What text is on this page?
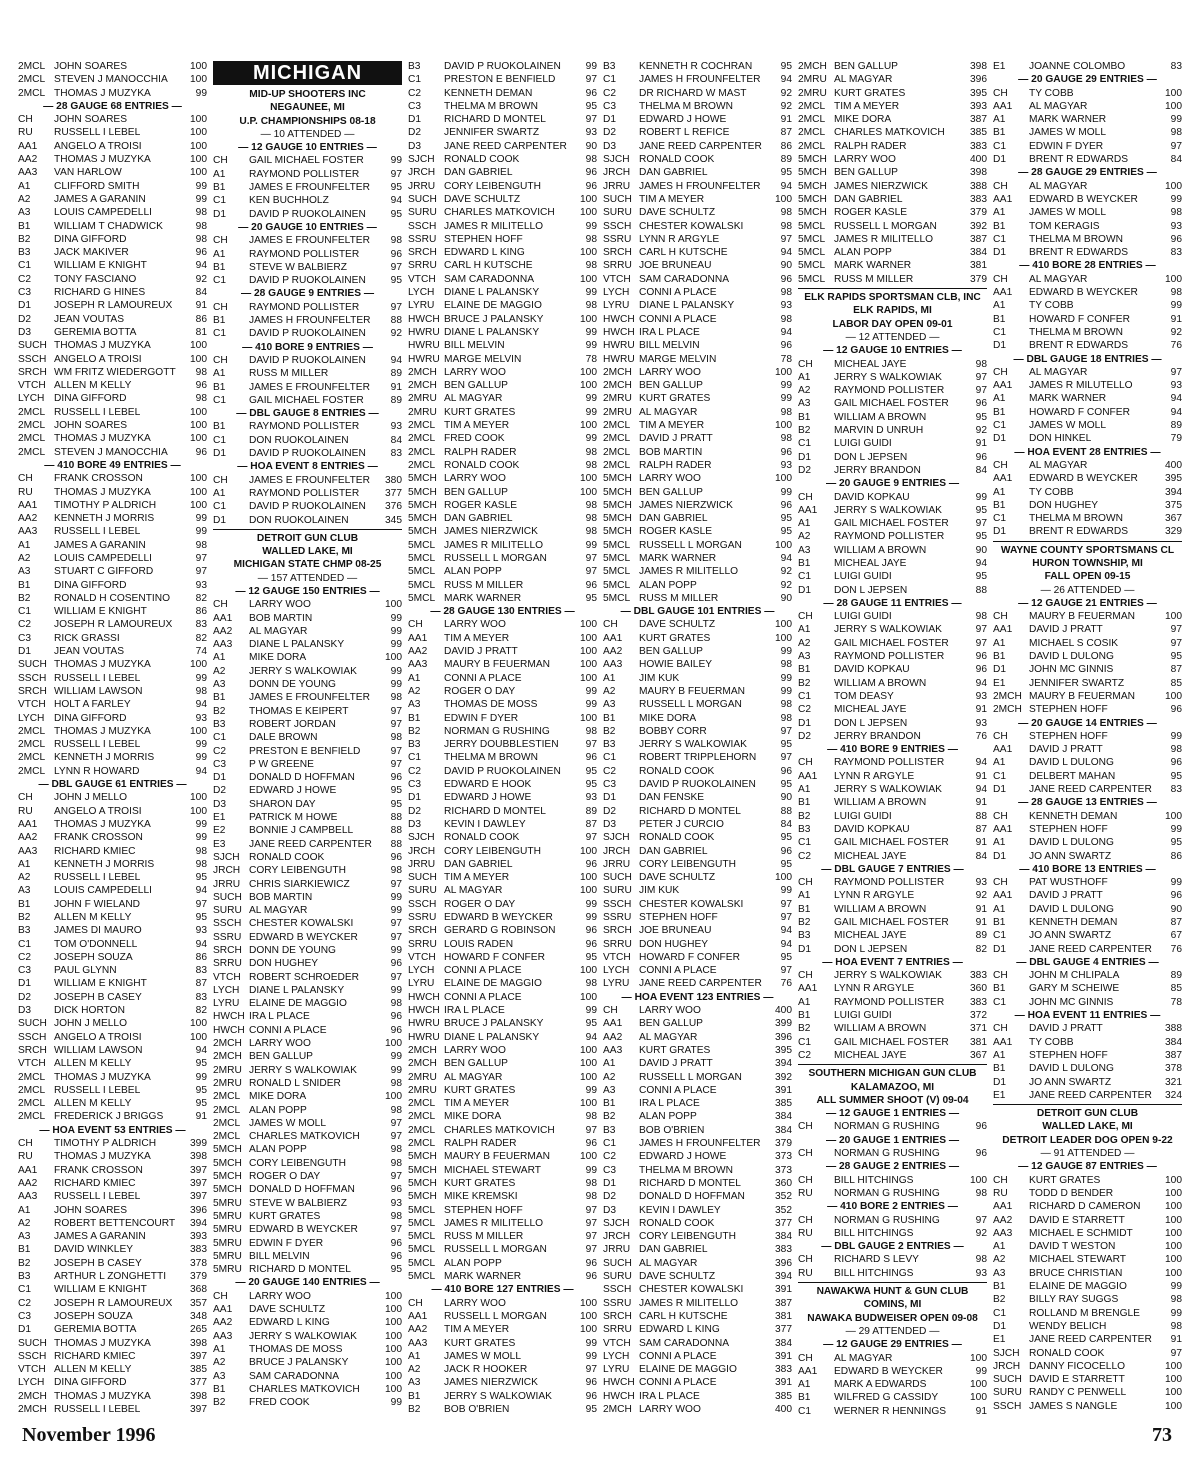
2MCL JOHN SOARES	100
2MCL STEVEN J MANOCCHIA	100
2MCL THOMAS J MUZYKA	99
— 28 GAUGE 68 ENTRIES —
CH	JOHN SOARES	100
RU	RUSSELL I LEBEL	100
AA1	ANGELO A TROISI	100
AA2	THOMAS J MUZYKA	100
AA3	VAN HARLOW	100
A1	CLIFFORD SMITH	99
A2	JAMES A GARANIN	99
A3	LOUIS CAMPEDELLI	98
B1	WILLIAM T CHADWICK	98
B2	DINA GIFFORD	98
B3	JACK MAKIVER	96
C1	WILLIAM E KNIGHT	94
C2	TONY FASCIANO	92
C3	RICHARD G HINES	84
D1	JOSEPH R LAMOUREUX	91
D2	JEAN VOUTAS	86
D3	GEREMIA BOTTA	81
SUCH THOMAS J MUZYKA	100
SSCH ANGELO A TROISI	100
SRCH WM FRITZ WIEDERGOTT	98
VTCH ALLEN M KELLY	96
LYCH DINA GIFFORD	98
2MCL RUSSELL I LEBEL	100
2MCL JOHN SOARES	100
2MCL THOMAS J MUZYKA	100
2MCL STEVEN J MANOCCHIA	96
— 410 BORE 49 ENTRIES —
CH	FRANK CROSSON	100
RU	THOMAS J MUZYKA	100
AA1	TIMOTHY P ALDRICH	100
AA2	KENNETH J MORRIS	99
AA3	RUSSELL I LEBEL	99
A1	JAMES A GARANIN	98
A2	LOUIS CAMPEDELLI	97
A3	STUART C GIFFORD	97
B1	DINA GIFFORD	93
B2	RONALD H COSENTINO	82
C1	WILLIAM E KNIGHT	86
C2	JOSEPH R LAMOUREUX	83
C3	RICK GRASSI	82
D1	JEAN VOUTAS	74
SUCH THOMAS J MUZYKA	100
SSCH RUSSELL I LEBEL	99
SRCH WILLIAM LAWSON	98
VTCH HOLT A FARLEY	94
LYCH DINA GIFFORD	93
2MCL THOMAS J MUZYKA	100
2MCL RUSSELL I LEBEL	99
2MCL KENNETH J MORRIS	99
2MCL LYNN R HOWARD	94
— DBL GAUGE 61 ENTRIES —
CH	JOHN J MELLO	100
RU	ANGELO A TROISI	100
AA1	THOMAS J MUZYKA	99
AA2	FRANK CROSSON	99
AA3	RICHARD KMIEC	98
A1	KENNETH J MORRIS	98
A2	RUSSELL I LEBEL	95
A3	LOUIS CAMPEDELLI	94
B1	JOHN F WIELAND	97
B2	ALLEN M KELLY	95
B3	JAMES DI MAURO	93
C1	TOM O'DONNELL	94
C2	JOSEPH SOUZA	86
C3	PAUL GLYNN	83
D1	WILLIAM E KNIGHT	87
D2	JOSEPH B CASEY	83
D3	DICK HORTON	82
SUCH JOHN J MELLO	100
SSCH ANGELO A TROISI	100
SRCH WILLIAM LAWSON	94
VTCH ALLEN M KELLY	95
2MCL THOMAS J MUZYKA	99
2MCL RUSSELL I LEBEL	95
2MCL ALLEN M KELLY	95
2MCL FREDERICK J BRIGGS	91
— HOA EVENT 53 ENTRIES —
CH	TIMOTHY P ALDRICH	399
RU	THOMAS J MUZYKA	398
AA1	FRANK CROSSON	397
AA2	RICHARD KMIEC	397
AA3	RUSSELL I LEBEL	397
A1	JOHN SOARES	396
A2	ROBERT BETTENCOURT	394
A3	JAMES A GARANIN	393
B1	DAVID WINKLEY	383
B2	JOSEPH B CASEY	378
B3	ARTHUR L ZONGHETTI	379
C1	WILLIAM E KNIGHT	368
C2	JOSEPH R LAMOUREUX	357
C3	JOSEPH SOUZA	348
D1	GEREMIA BOTTA	265
SUCH THOMAS J MUZYKA	398
SSCH RICHARD KMIEC	397
VTCH ALLEN M KELLY	385
LYCH DINA GIFFORD	377
2MCH THOMAS J MUZYKA	398
2MCH RUSSELL I LEBEL	397
MICHIGAN
MID-UP SHOOTERS INC
NEGAUNEE, MI
U.P. CHAMPIONSHIPS 08-18
— 10 ATTENDED —
— 12 GAUGE 10 ENTRIES —
CH	GAIL MICHAEL FOSTER	99
A1	RAYMOND POLLISTER	97
B1	JAMES E FROUNFELTER	95
C1	KEN BUCHHOLZ	94
D1	DAVID P RUOKOLAINEN	95
— 20 GAUGE 10 ENTRIES —
CH	JAMES E FROUNFELTER	98
A1	RAYMOND POLLISTER	96
B1	STEVE W BALBIERZ	97
C1	DAVID P RUOKOLAINEN	95
— 28 GAUGE 9 ENTRIES —
CH	RAYMOND POLLISTER	97
B1	JAMES H FROUNFELTER	88
C1	DAVID P RUOKOLAINEN	92
— 410 BORE 9 ENTRIES —
CH	DAVID P RUOKOLAINEN	94
A1	RUSS M MILLER	89
B1	JAMES E FROUNFELTER	91
C1	GAIL MICHAEL FOSTER	89
— DBL GAUGE 8 ENTRIES —
B1	RAYMOND POLLISTER	93
C1	DON RUOKOLAINEN	84
D1	DAVID P RUOKOLAINEN	83
— HOA EVENT 8 ENTRIES —
CH	JAMES E FROUNFELTER	380
A1	RAYMOND POLLISTER	377
C1	DAVID P RUOKOLAINEN	376
D1	DON RUOKOLAINEN	345
DETROIT GUN CLUB
WALLED LAKE, MI
MICHIGAN STATE CHMP 08-25
— 157 ATTENDED —
— 12 GAUGE 150 ENTRIES —
CH	LARRY WOO	100
AA1	BOB MARTIN	99
AA2	AL MAGYAR	99
AA3	DIANE L PALANSKY	99
A1	MIKE DORA	100
A2	JERRY S WALKOWIAK	99
A3	DONN DE YOUNG	99
B1	JAMES E FROUNFELTER	98
B2	THOMAS E KEIPERT	97
B3	ROBERT JORDAN	97
C1	DALE BROWN	98
C2	PRESTON E BENFIELD	97
C3	P W GREENE	97
D1	DONALD D HOFFMAN	96
D2	EDWARD J HOWE	95
D3	SHARON DAY	95
E1	PATRICK M HOWE	88
E2	BONNIE J CAMPBELL	88
E3	JANE REED CARPENTER	88
SJCH RONALD COOK	96
JRCH CORY LEIBENGUTH	98
JRRU CHRIS SIARKIEWICZ	97
SUCH BOB MARTIN	99
SURU AL MAGYAR	99
SSCH CHESTER KOWALSKI	97
SSRU EDWARD B WEYCKER	97
SRCH DONN DE YOUNG	99
SRRU DON HUGHEY	96
VTCH ROBERT SCHROEDER	97
LYCH DIANE L PALANSKY	99
LYRU ELAINE DE MAGGIO	98
HWCH IRA L PLACE	96
HWCH CONNI A PLACE	96
2MCH LARRY WOO	100
2MCH BEN GALLUP	99
2MRU JERRY S WALKOWIAK	99
2MRU RONALD L SNIDER	98
2MCL MIKE DORA	100
2MCL ALAN POPP	98
2MCL JAMES W MOLL	97
2MCL CHARLES MATKOVICH	97
5MCH ALAN POPP	98
5MCH CORY LEIBENGUTH	98
5MCH ROGER O DAY	97
5MCH DONALD D HOFFMAN	96
5MRU STEVE W BALBIERZ	93
5MRU KURT GRATES	98
5MRU EDWARD B WEYCKER	97
5MRU EDWIN F DYER	96
5MRU BILL MELVIN	96
5MRU RICHARD D MONTEL	95
— 20 GAUGE 140 ENTRIES —
CH	LARRY WOO	100
AA1	DAVE SCHULTZ	100
AA2	EDWARD L KING	100
AA3	JERRY S WALKOWIAK	100
A1	THOMAS DE MOSS	100
A2	BRUCE J PALANSKY	100
A3	SAM CARADONNA	100
B1	CHARLES MATKOVICH	100
B2	FRED COOK	99
B3	DAVID P RUOKOLAINEN	99
C1	PRESTON E BENFIELD	97
C2	KENNETH DEMAN	96
C3	THELMA M BROWN	95
D1	RICHARD D MONTEL	97
D2	JENNIFER SWARTZ	93
D3	JANE REED CARPENTER	90
SJCH RONALD COOK	98
JRCH DAN GABRIEL	96
JRRU CORY LEIBENGUTH	96
SUCH DAVE SCHULTZ	100
SURU CHARLES MATKOVICH	100
SSCH JAMES R MILITELLO	99
SSRU STEPHEN HOFF	98
SRCH EDWARD L KING	100
SRRU CARL H KUTSCHE	98
VTCH SAM CARADONNA	100
LYCH DIANE L PALANSKY	99
LYRU ELAINE DE MAGGIO	98
HWCH BRUCE J PALANSKY	100
HWRU DIANE L PALANSKY	99
HWRU BILL MELVIN	99
HWRU MARGE MELVIN	78
2MCH LARRY WOO	100
2MCH BEN GALLUP	100
2MRU AL MAGYAR	99
2MRU KURT GRATES	99
2MCL TIM A MEYER	100
2MCL FRED COOK	99
2MCL RALPH RADER	98
2MCL RONALD COOK	98
5MCH LARRY WOO	100
5MCH BEN GALLUP	100
5MCH ROGER KASLE	98
5MCH DAN GABRIEL	98
5MCH JAMES NIERZWICK	98
5MCL JAMES R MILITELLO	99
5MCL RUSSELL L MORGAN	97
5MCL ALAN POPP	97
5MCL RUSS M MILLER	96
5MCL MARK WARNER	95
— 28 GAUGE 130 ENTRIES —
CH	LARRY WOO	100
AA1	TIM A MEYER	100
AA2	DAVID J PRATT	100
AA3	MAURY B FEUERMAN	100
A1	CONNI A PLACE	100
A2	ROGER O DAY	99
A3	THOMAS DE MOSS	99
B1	EDWIN F DYER	100
B2	NORMAN G RUSHING	98
B3	JERRY DOUBBLESTIEN	97
C1	THELMA M BROWN	96
C2	DAVID P RUOKOLAINEN	95
C3	EDWARD E HOOK	95
D1	EDWARD J HOWE	93
D2	RICHARD D MONTEL	89
D3	KEVIN I DAWLEY	87
SJCH RONALD COOK	97
JRCH CORY LEIBENGUTH	100
JRRU DAN GABRIEL	96
SUCH TIM A MEYER	100
SURU AL MAGYAR	100
SSCH ROGER O DAY	99
SSRU EDWARD B WEYCKER	99
SRCH GERARD G ROBINSON	96
SRRU LOUIS RADEN	96
VTCH HOWARD F CONFER	95
LYCH CONNI A PLACE	100
LYRU ELAINE DE MAGGIO	98
HWCH CONNI A PLACE	100
HWCH IRA L PLACE	99
HWRU BRUCE J PALANSKY	95
HWRU DIANE L PALANSKY	94
2MCH LARRY WOO	100
2MCH BEN GALLUP	100
2MRU AL MAGYAR	100
2MRU KURT GRATES	99
2MCL TIM A MEYER	100
2MCL MIKE DORA	98
2MCL CHARLES MATKOVICH	97
2MCL RALPH RADER	96
5MCH MAURY B FEUERMAN	100
5MCH MICHAEL STEWART	99
5MCH KURT GRATES	98
5MCH MIKE KREMSKI	98
5MCL STEPHEN HOFF	97
5MCL JAMES R MILITELLO	97
5MCL RUSS M MILLER	97
5MCL RUSSELL L MORGAN	97
5MCL ALAN POPP	96
5MCL MARK WARNER	96
— 410 BORE 127 ENTRIES —
CH	LARRY WOO	100
AA1	RUSSELL L MORGAN	100
AA2	TIM A MEYER	100
AA3	KURT GRATES	99
A1	JAMES W MOLL	99
A2	JACK R HOOKER	97
A3	JAMES NIERZWICK	96
B1	JERRY S WALKOWIAK	96
B2	BOB O'BRIEN	95
B3	KENNETH R COCHRAN	95
C1	JAMES H FROUNFELTER	94
C2	DR RICHARD W MAST	92
C3	THELMA M BROWN	92
D1	EDWARD J HOWE	91
D2	ROBERT L REFICE	87
D3	JANE REED CARPENTER	86
SJCH RONALD COOK	89
JRCH DAN GABRIEL	95
JRRU JAMES H FROUNFELTER	94
SUCH TIM A MEYER	100
SURU DAVE SCHULTZ	98
SSCH CHESTER KOWALSKI	98
SSRU LYNN R ARGYLE	97
SRCH CARL H KUTSCHE	94
SRRU JOE BRUNEAU	90
VTCH SAM CARADONNA	96
LYCH CONNI A PLACE	98
LYRU DIANE L PALANSKY	93
HWCH CONNI A PLACE	98
HWCH IRA L PLACE	94
HWRU BILL MELVIN	96
HWRU MARGE MELVIN	78
2MCH LARRY WOO	100
2MCH BEN GALLUP	99
2MRU KURT GRATES	99
2MRU AL MAGYAR	98
2MCL TIM A MEYER	100
2MCL DAVID J PRATT	98
2MCL BOB MARTIN	96
2MCL RALPH RADER	93
5MCH LARRY WOO	100
5MCH BEN GALLUP	99
5MCH JAMES NIERZWICK	96
5MCH DAN GABRIEL	95
5MCH ROGER KASLE	95
5MCL RUSSELL L MORGAN	100
5MCL MARK WARNER	94
5MCL JAMES R MILITELLO	92
5MCL ALAN POPP	92
5MCL RUSS M MILLER	90
— DBL GAUGE 101 ENTRIES —
CH	DAVE SCHULTZ	100
AA1	KURT GRATES	100
AA2	BEN GALLUP	99
AA3	HOWIE BAILEY	98
A1	JIM KUK	99
A2	MAURY B FEUERMAN	99
A3	RUSSELL L MORGAN	98
B1	MIKE DORA	98
B2	BOBBY CORR	97
B3	JERRY S WALKOWIAK	95
C1	ROBERT TRIPPLEHORN	97
C2	RONALD COOK	96
C3	DAVID P RUOKOLAINEN	95
D1	DAN FENSKE	90
D2	RICHARD D MONTEL	88
D3	PETER J CURCIO	84
SJCH RONALD COOK	95
JRCH DAN GABRIEL	96
JRRU CORY LEIBENGUTH	95
SUCH DAVE SCHULTZ	100
SURU JIM KUK	99
SSCH CHESTER KOWALSKI	97
SSRU STEPHEN HOFF	97
SRCH JOE BRUNEAU	94
SRRU DON HUGHEY	94
VTCH HOWARD F CONFER	95
LYCH CONNI A PLACE	97
LYRU JANE REED CARPENTER	76
— HOA EVENT 123 ENTRIES —
CH	LARRY WOO	400
AA1	BEN GALLUP	399
AA2	AL MAGYAR	396
AA3	KURT GRATES	395
A1	DAVID J PRATT	394
A2	RUSSELL L MORGAN	392
A3	CONNI A PLACE	391
B1	IRA L PLACE	385
B2	ALAN POPP	384
B3	BOB O'BRIEN	384
C1	JAMES H FROUNFELTER	379
C2	EDWARD J HOWE	373
C3	THELMA M BROWN	373
D1	RICHARD D MONTEL	360
D2	DONALD D HOFFMAN	352
D3	KEVIN I DAWLEY	352
SJCH RONALD COOK	377
JRCH CORY LEIBENGUTH	384
JRRU DAN GABRIEL	383
SUCH AL MAGYAR	396
SURU DAVE SCHULTZ	394
SSCH CHESTER KOWALSKI	391
SSRU JAMES R MILITELLO	387
SRCH CARL H KUTSCHE	381
SRRU EDWARD L KING	377
VTCH SAM CARADONNA	384
LYCH CONNI A PLACE	391
LYRU ELAINE DE MAGGIO	383
HWCH CONNI A PLACE	391
HWCH IRA L PLACE	385
2MCH LARRY WOO	400
2MCH BEN GALLUP	398
2MRU AL MAGYAR	396
2MRU KURT GRATES	395
2MCL TIM A MEYER	393
2MCL MIKE DORA	387
2MCL CHARLES MATKOVICH	385
2MCL RALPH RADER	383
5MCH LARRY WOO	400
5MCH BEN GALLUP	398
5MCH JAMES NIERZWICK	388
5MCH DAN GABRIEL	383
5MCH ROGER KASLE	379
5MCL RUSSELL L MORGAN	392
5MCL JAMES R MILITELLO	387
5MCL ALAN POPP	384
5MCL MARK WARNER	381
5MCL RUSS M MILLER	379
ELK RAPIDS SPORTSMAN CLB, INC
ELK RAPIDS, MI
LABOR DAY OPEN 09-01
— 12 ATTENDED —
— 12 GAUGE 10 ENTRIES —
CH	MICHEAL JAYE	98
A1	JERRY S WALKOWIAK	97
A2	RAYMOND POLLISTER	97
A3	GAIL MICHAEL FOSTER	96
B1	WILLIAM A BROWN	95
B2	MARVIN D UNRUH	92
C1	LUIGI GUIDI	91
D1	DON L JEPSEN	96
D2	JERRY BRANDON	84
— 20 GAUGE 9 ENTRIES —
CH	DAVID KOPKAU	99
AA1	JERRY S WALKOWIAK	95
A1	GAIL MICHAEL FOSTER	97
A2	RAYMOND POLLISTER	95
A3	WILLIAM A BROWN	90
B1	MICHEAL JAYE	94
C1	LUIGI GUIDI	95
D1	DON L JEPSEN	88
— 28 GAUGE 11 ENTRIES —
CH	LUIGI GUIDI	98
A1	JERRY S WALKOWIAK	97
A2	GAIL MICHAEL FOSTER	97
A3	RAYMOND POLLISTER	96
B1	DAVID KOPKAU	96
B2	WILLIAM A BROWN	94
C1	TOM DEASY	93
C2	MICHEAL JAYE	91
D1	DON L JEPSEN	93
D2	JERRY BRANDON	76
— 410 BORE 9 ENTRIES —
CH	RAYMOND POLLISTER	94
AA1	LYNN R ARGYLE	91
A1	JERRY S WALKOWIAK	94
B1	WILLIAM A BROWN	91
B2	LUIGI GUIDI	88
B3	DAVID KOPKAU	87
C1	GAIL MICHAEL FOSTER	91
C2	MICHEAL JAYE	84
— DBL GAUGE 7 ENTRIES —
CH	RAYMOND POLLISTER	93
A1	LYNN R ARGYLE	92
B1	WILLIAM A BROWN	91
B2	GAIL MICHAEL FOSTER	91
B3	MICHEAL JAYE	89
D1	DON L JEPSEN	82
— HOA EVENT 7 ENTRIES —
CH	JERRY S WALKOWIAK	383
AA1	LYNN R ARGYLE	360
A1	RAYMOND POLLISTER	383
B1	LUIGI GUIDI	372
B2	WILLIAM A BROWN	371
C1	GAIL MICHAEL FOSTER	381
C2	MICHEAL JAYE	367
SOUTHERN MICHIGAN GUN CLUB
KALAMAZOO, MI
ALL SUMMER SHOOT (V) 09-04
— 12 GAUGE 1 ENTRIES —
CH	NORMAN G RUSHING	96
— 20 GAUGE 1 ENTRIES —
CH	NORMAN G RUSHING	96
— 28 GAUGE 2 ENTRIES —
CH	BILL HITCHINGS	100
RU	NORMAN G RUSHING	98
— 410 BORE 2 ENTRIES —
CH	NORMAN G RUSHING	97
RU	BILL HITCHINGS	92
— DBL GAUGE 2 ENTRIES —
CH	RICHARD S LEVY	98
RU	BILL HITCHINGS	93
NAWAKWA HUNT & GUN CLUB
COMINS, MI
NAWAKA BUDWEISER OPEN 09-08
— 29 ATTENDED —
— 12 GAUGE 29 ENTRIES —
CH	AL MAGYAR	100
AA1	EDWARD B WEYCKER	99
A1	MARK A EDWARDS	100
B1	WILFRED G CASSIDY	100
C1	WERNER R HENNINGS	91
E1	JOANNE COLOMBO	83
— 20 GAUGE 29 ENTRIES —
CH	TY COBB	100
AA1	AL MAGYAR	100
A1	MARK WARNER	99
B1	JAMES W MOLL	98
C1	EDWIN F DYER	97
D1	BRENT R EDWARDS	84
— 28 GAUGE 29 ENTRIES —
CH	AL MAGYAR	100
AA1	EDWARD B WEYCKER	99
A1	JAMES W MOLL	98
B1	TOM KERAGIS	93
C1	THELMA M BROWN	96
D1	BRENT R EDWARDS	83
— 410 BORE 28 ENTRIES —
CH	AL MAGYAR	100
AA1	EDWARD B WEYCKER	98
A1	TY COBB	99
B1	HOWARD F CONFER	91
C1	THELMA M BROWN	92
D1	BRENT R EDWARDS	76
— DBL GAUGE 18 ENTRIES —
CH	AL MAGYAR	97
AA1	JAMES R MILUTELLO	93
A1	MARK WARNER	94
B1	HOWARD F CONFER	94
C1	JAMES W MOLL	89
D1	DON HINKEL	79
— HOA EVENT 28 ENTRIES —
CH	AL MAGYAR	400
AA1	EDWARD B WEYCKER	395
A1	TY COBB	394
B1	DON HUGHEY	375
C1	THELMA M BROWN	367
D1	BRENT R EDWARDS	329
WAYNE COUNTY SPORTSMANS CL
HURON TOWNSHIP, MI
FALL OPEN 09-15
— 26 ATTENDED —
— 12 GAUGE 21 ENTRIES —
CH	MAURY B FEUERMAN	100
AA1	DAVID J PRATT	97
A1	MICHAEL S COSIK	97
B1	DAVID L DULONG	95
D1	JOHN MC GINNIS	87
E1	JENNIFER SWARTZ	85
2MCH MAURY B FEUERMAN	100
2MCH STEPHEN HOFF	96
— 20 GAUGE 14 ENTRIES —
CH	STEPHEN HOFF	99
AA1	DAVID J PRATT	98
A1	DAVID L DULONG	96
C1	DELBERT MAHAN	95
D1	JANE REED CARPENTER	83
— 28 GAUGE 13 ENTRIES —
CH	KENNETH DEMAN	100
AA1	STEPHEN HOFF	99
A1	DAVID L DULONG	95
D1	JO ANN SWARTZ	86
— 410 BORE 13 ENTRIES —
CH	PAT WUSTHOFF	99
AA1	DAVID J PRATT	96
A1	DAVID L DULONG	90
B1	KENNETH DEMAN	87
C1	JO ANN SWARTZ	67
D1	JANE REED CARPENTER	76
— DBL GAUGE 4 ENTRIES —
CH	JOHN M CHLIPALA	89
B1	GARY M SCHEIWE	85
C1	JOHN MC GINNIS	78
— HOA EVENT 11 ENTRIES —
CH	DAVID J PRATT	388
AA1	TY COBB	384
A1	STEPHEN HOFF	387
B1	DAVID L DULONG	378
D1	JO ANN SWARTZ	321
E1	JANE REED CARPENTER	324
DETROIT GUN CLUB
WALLED LAKE, MI
DETROIT LEADER DOG OPEN 9-22
— 91 ATTENDED —
— 12 GAUGE 87 ENTRIES —
CH	KURT GRATES	100
RU	TODD D BENDER	100
AA1	RICHARD D CAMERON	100
AA2	DAVID E STARRETT	100
AA3	MICHAEL E SCHMIDT	100
A1	DAVID T WESTON	100
A2	MICHAEL STEWART	100
A3	BRUCE CHRISTIAN	100
B1	ELAINE DE MAGGIO	99
B2	BILLY RAY SUGGS	98
C1	ROLLAND M BRENGLE	99
D1	WENDY BELICH	98
E1	JANE REED CARPENTER	91
SJCH RONALD COOK	97
JRCH DANNY FICOCELLO	100
SUCH DAVID E STARRETT	100
SURU RANDY C PENWELL	100
SSCH JAMES S NANGLE	100
November 1996	73
